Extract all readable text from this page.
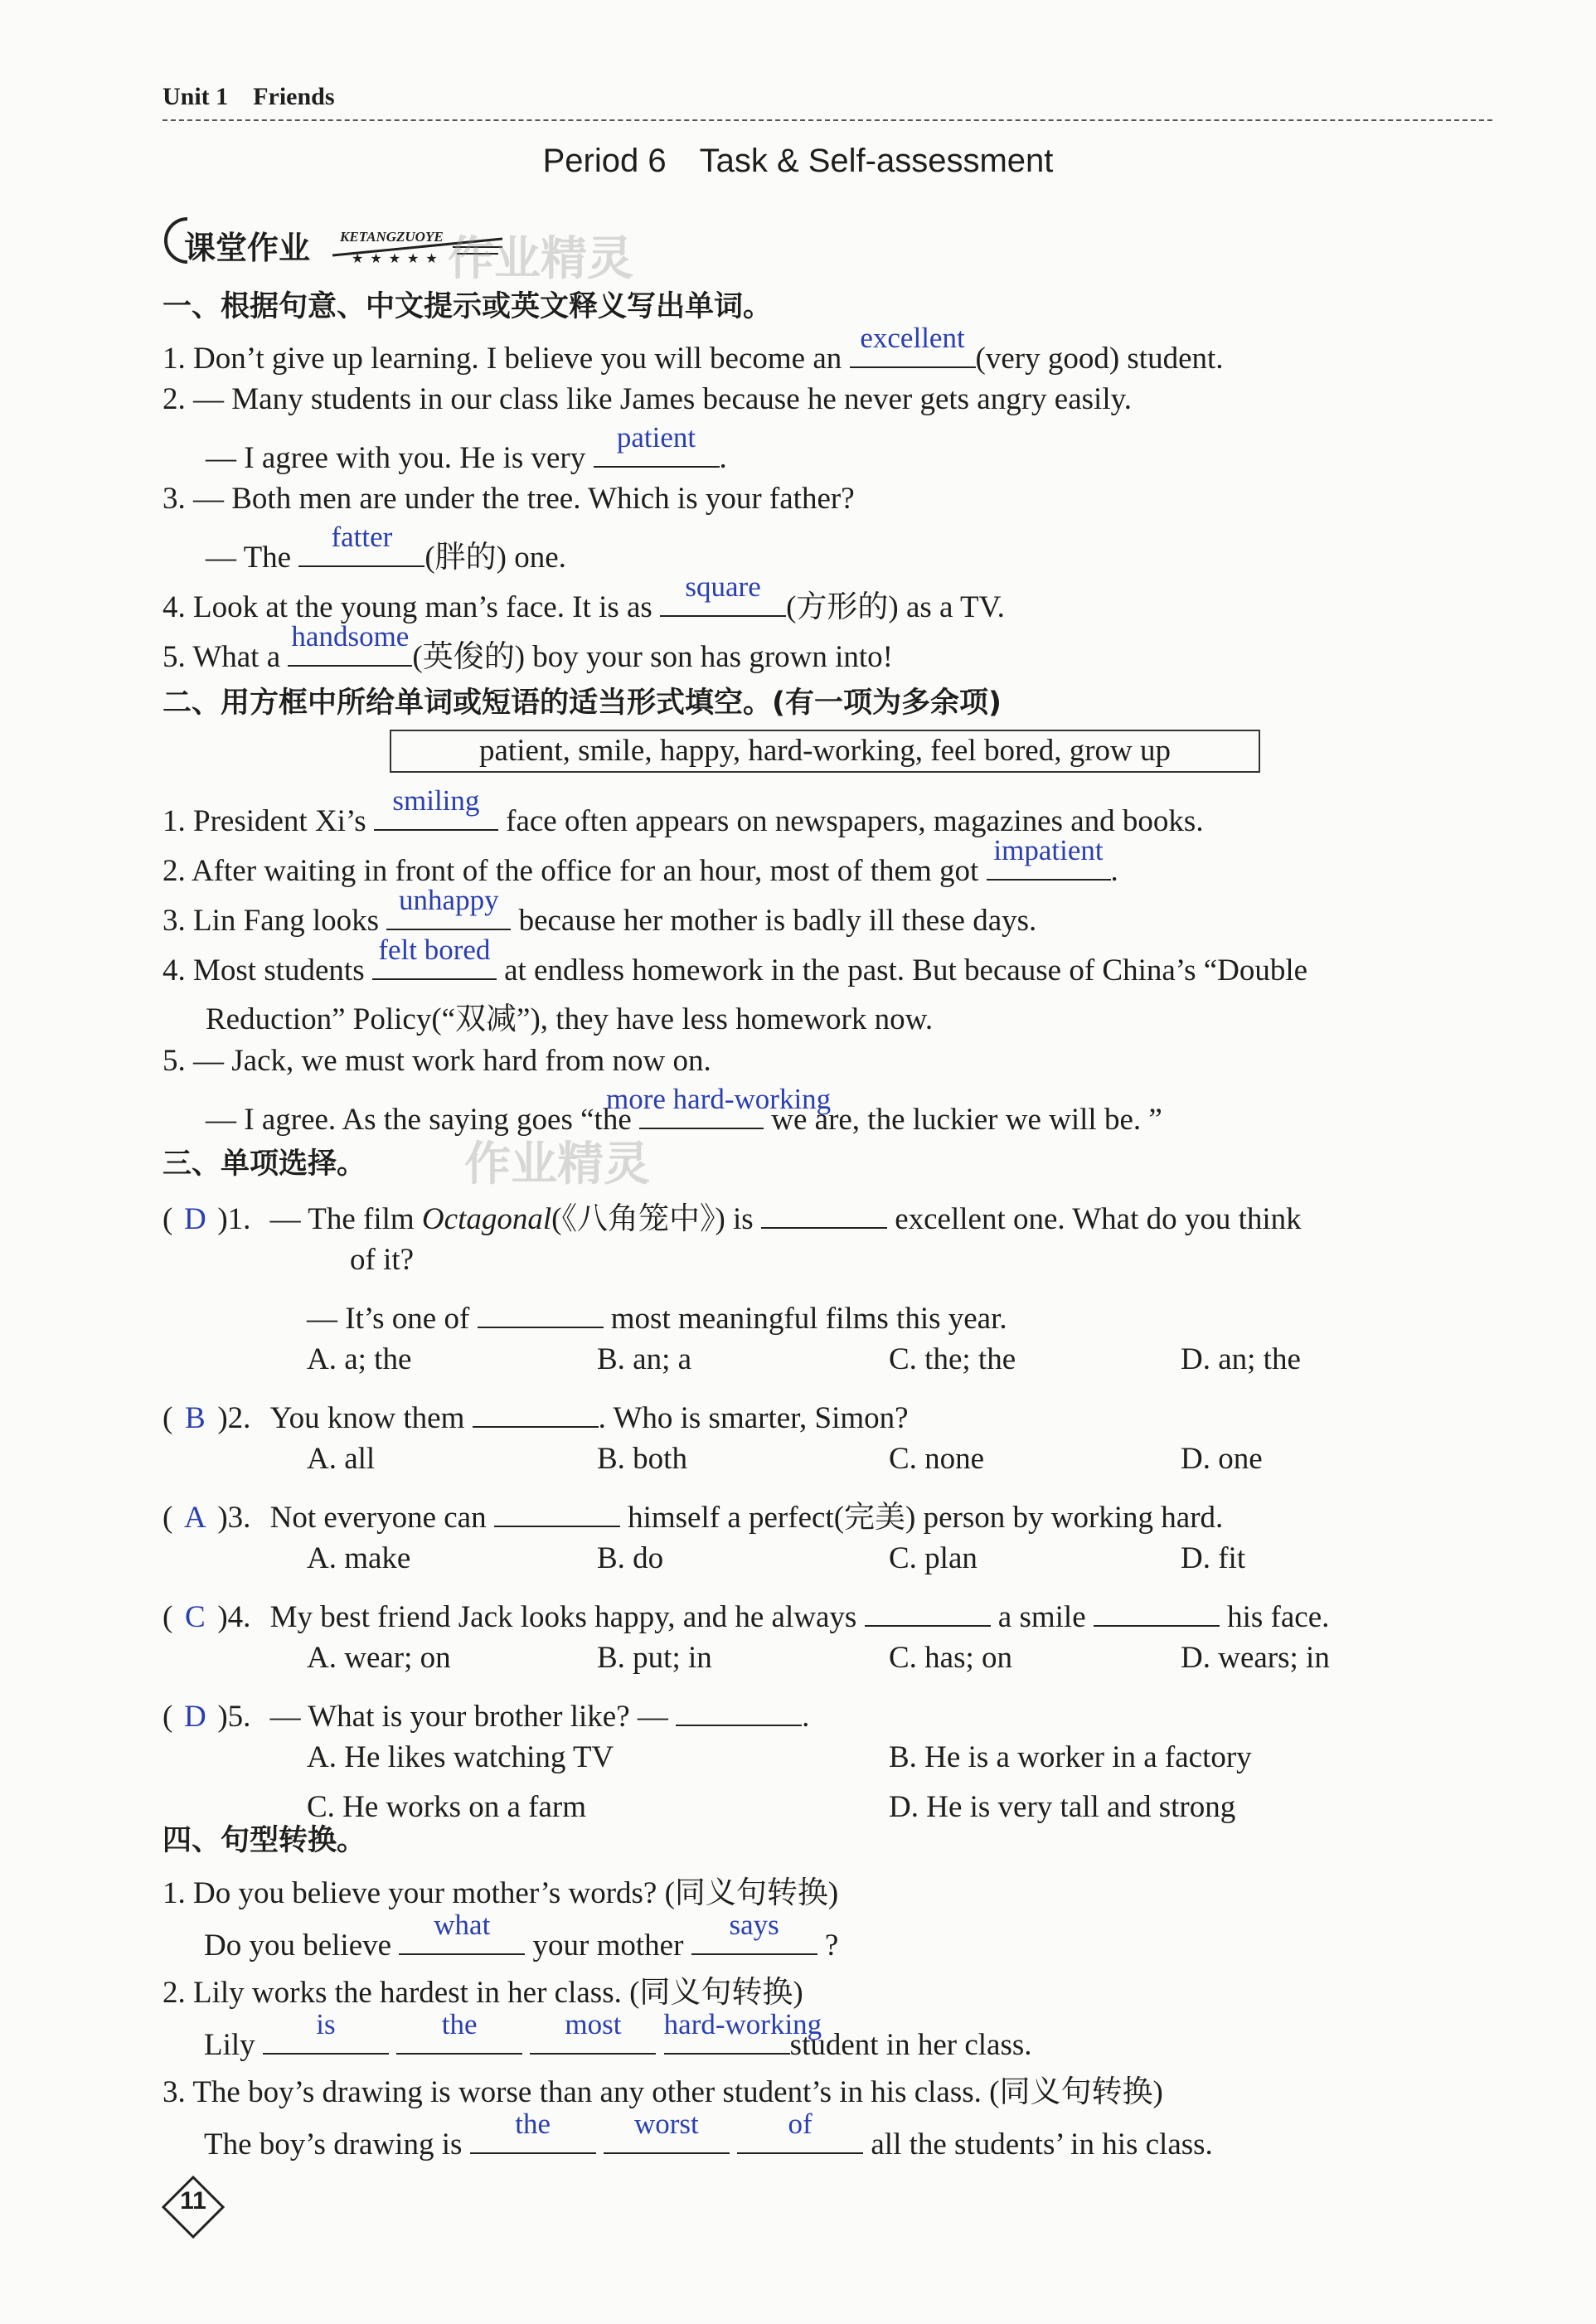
Unit 1 Friends
Period 6 Task & Self-assessment
课堂作业 KETANGZUOYE
★★★★★ 作业精灵
一、根据句意、中文提示或英文释义写出单词。
1. Don’t give up learning. I believe you will become an
excellent
(very good) student.
2. — Many students in our class like James because he never gets angry easily.
— I agree with you. He is very
patient
.
3. — Both men are under the tree. Which is your father?
— The
fatter
(胖的) one.
4. Look at the young man’s face. It is as
square
(方形的) as a TV.
5. What a
handsome
(英俊的) boy your son has grown into!
二、用方框中所给单词或短语的适当形式填空。(有一项为多余项)
patient, smile, happy, hard-working, feel bored, grow up
1. President Xi’s
smiling
face often appears on newspapers, magazines and books.
2. After waiting in front of the office for an hour, most of them got
impatient
.
3. Lin Fang looks
unhappy
because her mother is badly ill these days.
4. Most students
felt bored
at endless homework in the past. But because of China’s “Double
Reduction” Policy(“双减”), they have less homework now.
5. — Jack, we must work hard from now on.
— I agree. As the saying goes “the
more hard-working
we are, the luckier we will be. ”
三、单项选择。 作业精灵
( D )1. — The film Octagonal(《八角笼中》) is	excellent one. What do you think
of it?
— It’s one of	most meaningful films this year.
A. a; the	B. an; a	C. the; the	D. an; the
( B )2. You know them	. Who is smarter, Simon?
A. all	B. both	C. none	D. one
( A )3. Not everyone can	himself a perfect(完美) person by working hard.
A. make	B. do	C. plan	D. fit
( C )4. My best friend Jack looks happy, and he always	a smile	his face.
A. wear; on	B. put; in	C. has; on	D. wears; in
( D )5. — What is your brother like? —	.
A. He likes watching TV	B. He is a worker in a factory
C. He works on a farm	D. He is very tall and strong
四、句型转换。
1. Do you believe your mother’s words? (同义句转换)
Do you believe
what
your mother
says
?
2. Lily works the hardest in her class. (同义句转换)
Lily
is
	the
	most
	hard-working
student in her class.
3. The boy’s drawing is worse than any other student’s in his class. (同义句转换)
The boy’s drawing is
the
	worst
	of
all the students’ in his class.
11
